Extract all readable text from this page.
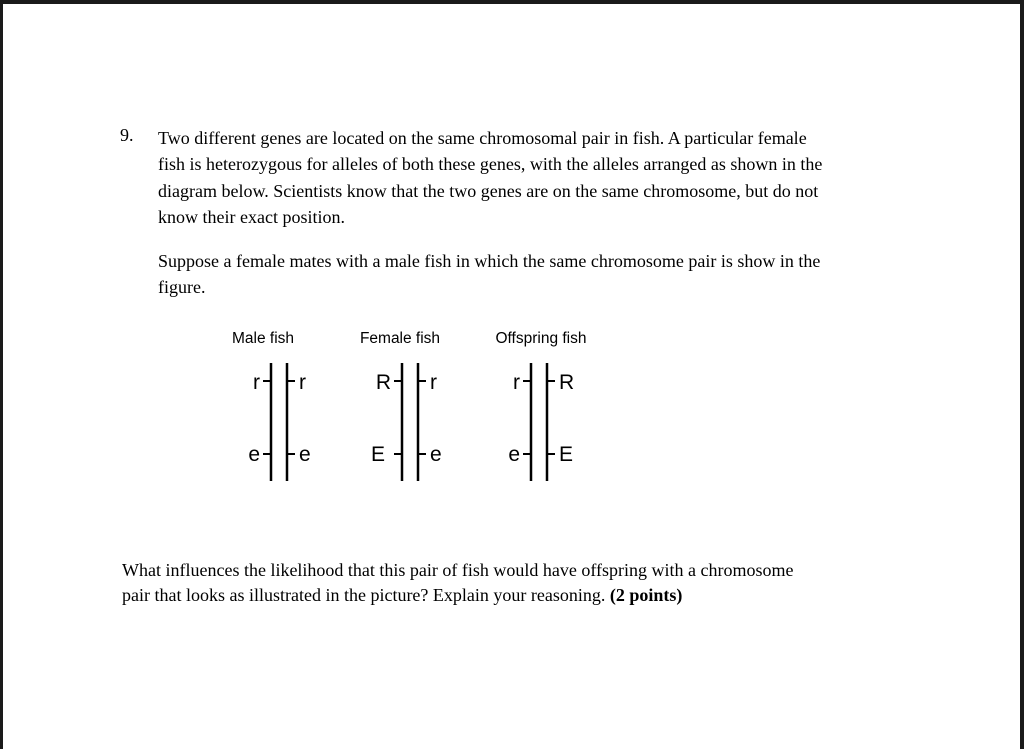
9. Two different genes are located on the same chromosomal pair in fish. A particular female
fish is heterozygous for alleles of both these genes, with the alleles arranged as shown in the
diagram below. Scientists know that the two genes are on the same chromosome, but do not
know their exact position.
Suppose a female mates with a male fish in which the same chromosome pair is show in the
figure.
Male fish
r r
e e
Female fish
R r
E e
Offspring fish
r R
e E
What influences the likelihood that this pair of fish would have offspring with a chromosome
pair that looks as illustrated in the picture? Explain your reasoning. (2 points)
